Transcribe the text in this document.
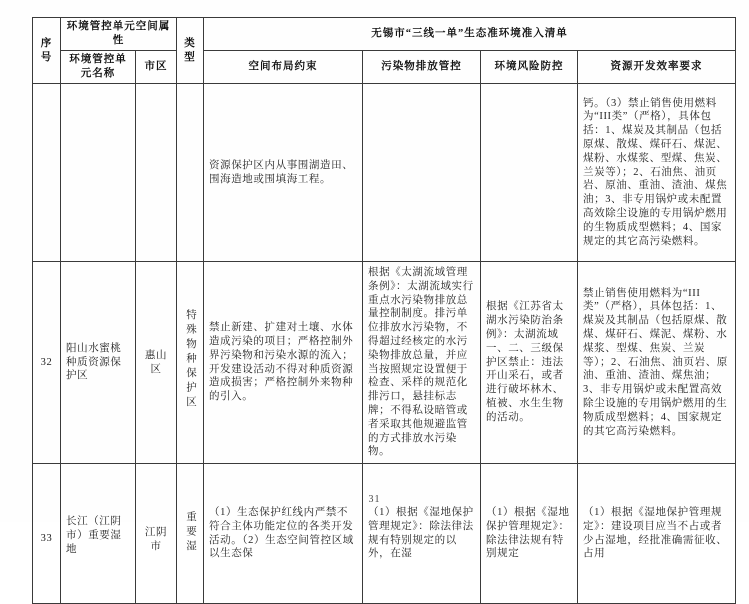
序号	环境管控单元空间属性		类型	无锡市“三线一单”生态准环境准入清单			
	环境管控单元名称	市区		空间布局约束	污染物排放管控	环境风险防控	资源开发效率要求
				资源保护区内从事围湖造田、围海造地或围填海工程。			钙。（3）禁止销售使用燃料为“III类”（严格），具体包括：1、煤炭及其制品（包括原煤、散煤、煤矸石、煤泥、煤粉、水煤浆、型煤、焦炭、兰炭等）；2、石油焦、油页岩、原油、重油、渣油、煤焦油；3、非专用锅炉或未配置高效除尘设施的专用锅炉燃用的生物质成型燃料；4、国家规定的其它高污染燃料。
32	阳山水蜜桃种质资源保护区	惠山区	特殊物种保护区	禁止新建、扩建对土壤、水体造成污染的项目；严格控制外界污染物和污染水源的流入；开发建设活动不得对种质资源造成损害；严格控制外来物种的引入。	根据《太湖流域管理条例》：太湖流域实行重点水污染物排放总量控制制度。排污单位排放水污染物，不得超过经核定的水污染物排放总量，并应当按照规定设置便于检查、采样的规范化排污口，悬挂标志牌；不得私设暗管或者采取其他规避监管的方式排放水污染物。	根据《江苏省太湖水污染防治条例》：太湖流域一、二、三级保护区禁止：违法开山采石，或者进行破坏林木、植被、水生生物的活动。	禁止销售使用燃料为“III类”（严格），具体包括：1、煤炭及其制品（包括原煤、散煤、煤矸石、煤泥、煤粉、水煤浆、型煤、焦炭、兰炭等）；2、石油焦、油页岩、原油、重油、渣油、煤焦油；3、非专用锅炉或未配置高效除尘设施的专用锅炉燃用的生物质成型燃料；4、国家规定的其它高污染燃料。
33	长江（江阴市）重要湿地	江阴市	重要湿	（1）生态保护红线内严禁不符合主体功能定位的各类开发活动。（2）生态空间管控区域以生态保	（1）根据《湿地保护管理规定》：除法律法规有特别规定的以外，在湿	（1）根据《湿地保护管理规定》：除法律法规有特别规定	（1）根据《湿地保护管理规定》：建设项目应当不占或者少占湿地，经批准确需征收、占用
31
